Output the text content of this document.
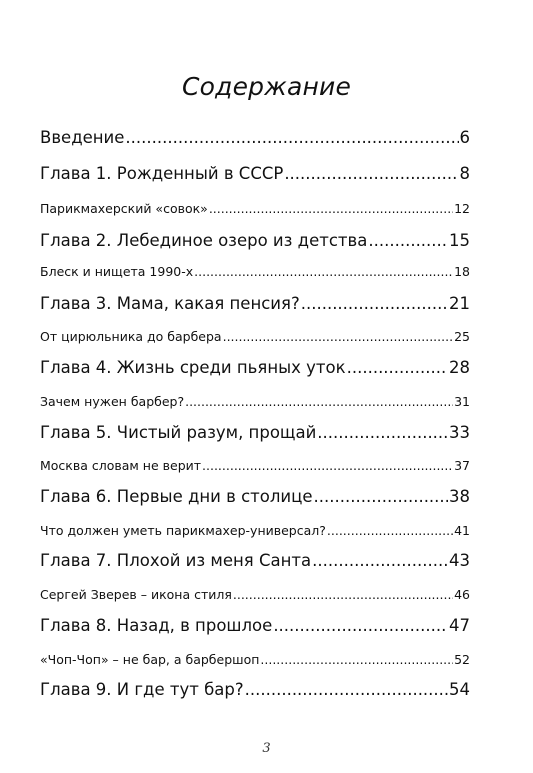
Содержание
Введение .....	6
Глава 1. Рожденный в СССР .....	8
Парикмахерский «совок» .....	12
Глава 2. Лебединое озеро из детства .....	15
Блеск и нищета 1990-х .....	18
Глава 3. Мама, какая пенсия? .....	21
От цирюльника до барбера .....	25
Глава 4. Жизнь среди пьяных уток .....	28
Зачем нужен барбер? .....	31
Глава 5. Чистый разум, прощай .....	33
Москва словам не верит .....	37
Глава 6. Первые дни в столице .....	38
Что должен уметь парикмахер-универсал? .....	41
Глава 7. Плохой из меня Санта .....	43
Сергей Зверев – икона стиля .....	46
Глава 8. Назад, в прошлое .....	47
«Чоп-Чоп» – не бар, а барбершоп .....	52
Глава 9. И где тут бар? .....	54
3
